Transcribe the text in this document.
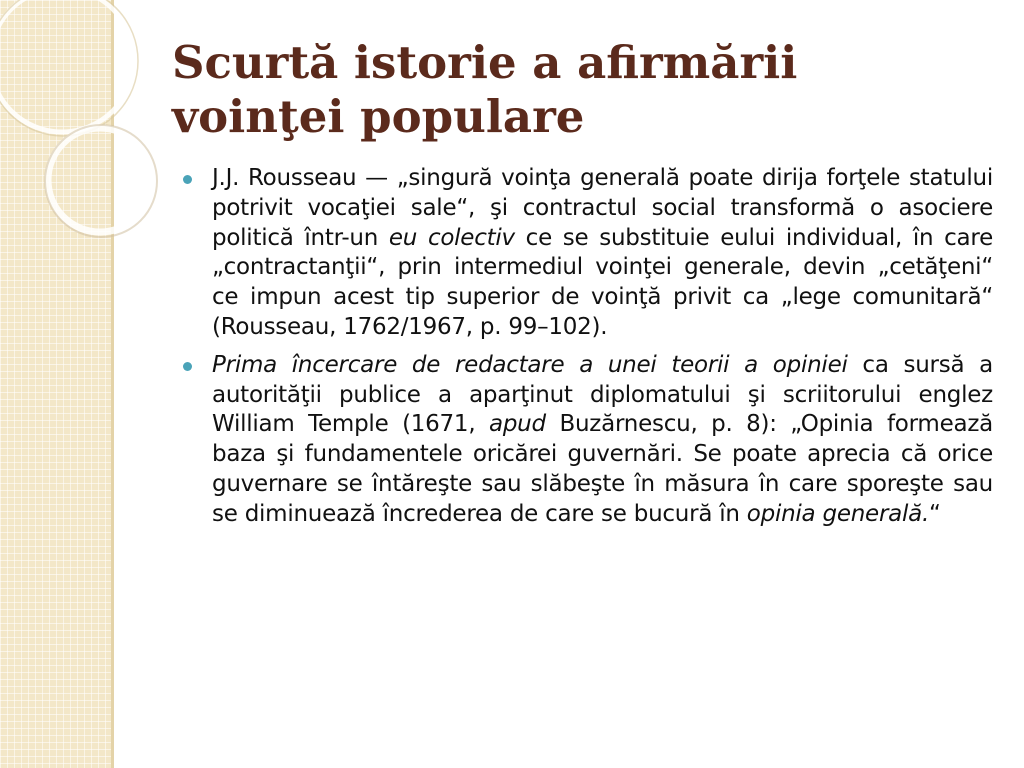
Scurtă istorie a afirmării
voinţei populare
J.J. Rousseau — „singură voinţa generală poate dirija forţele statului potrivit vocaţiei sale“, şi contractul social transformă o asociere politică într-un eu colectiv ce se substituie eului individual, în care „contractanţii“, prin intermediul voinţei generale, devin „cetăţeni“ ce impun acest tip superior de voinţă privit ca „lege comunitară“ (Rousseau, 1762/1967, p. 99–102).
Prima încercare de redactare a unei teorii a opiniei ca sursă a autorităţii publice a aparţinut diplomatului şi scriitorului englez William Temple (1671, apud Buzărnescu, p. 8): „Opinia formează baza şi fundamentele oricărei guvernări. Se poate aprecia că orice guvernare se întăreşte sau slăbeşte în măsura în care sporeşte sau se diminuează încrederea de care se bucură în opinia generală.“
